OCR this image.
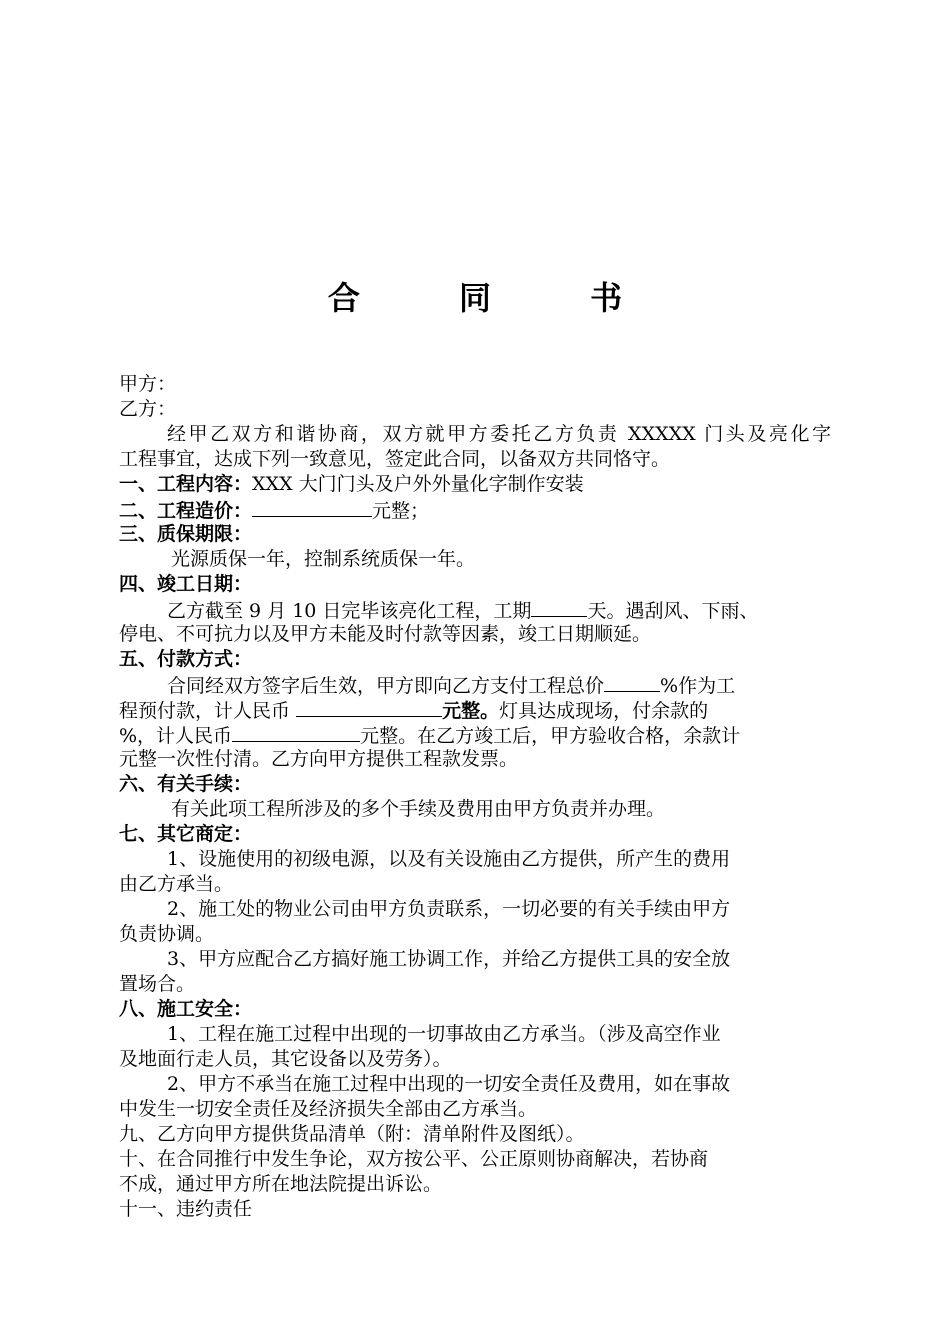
合 同 书
甲方：
乙方：
经甲乙双方和谐协商，双方就甲方委托乙方负责 XXXXX 门头及亮化字
工程事宜，达成下列一致意见，签定此合同，以备双方共同恪守。
一、工程内容：XXX 大门门头及户外外量化字制作安装
二、工程造价：	元整；
三、质保期限：
光源质保一年，控制系统质保一年。
四、竣工日期：
乙方截至 9 月 10 日完毕该亮化工程，工期	天。遇刮风、下雨、
停电、不可抗力以及甲方未能及时付款等因素，竣工日期顺延。
五、付款方式：
合同经双方签字后生效，甲方即向乙方支付工程总价	%作为工
程预付款，计人民币	元整。灯具达成现场，付余款的
%，计人民币	元整。在乙方竣工后，甲方验收合格，余款计
元整一次性付清。乙方向甲方提供工程款发票。
六、有关手续：
有关此项工程所涉及的多个手续及费用由甲方负责并办理。
七、其它商定：
1、设施使用的初级电源，以及有关设施由乙方提供，所产生的费用
由乙方承当。
2、施工处的物业公司由甲方负责联系，一切必要的有关手续由甲方
负责协调。
3、甲方应配合乙方搞好施工协调工作，并给乙方提供工具的安全放
置场合。
八、施工安全：
1、工程在施工过程中出现的一切事故由乙方承当。（涉及高空作业
及地面行走人员，其它设备以及劳务）。
2、甲方不承当在施工过程中出现的一切安全责任及费用，如在事故
中发生一切安全责任及经济损失全部由乙方承当。
九、乙方向甲方提供货品清单（附：清单附件及图纸）。
十、在合同推行中发生争论，双方按公平、公正原则协商解决，若协商
不成，通过甲方所在地法院提出诉讼。
十一、违约责任
